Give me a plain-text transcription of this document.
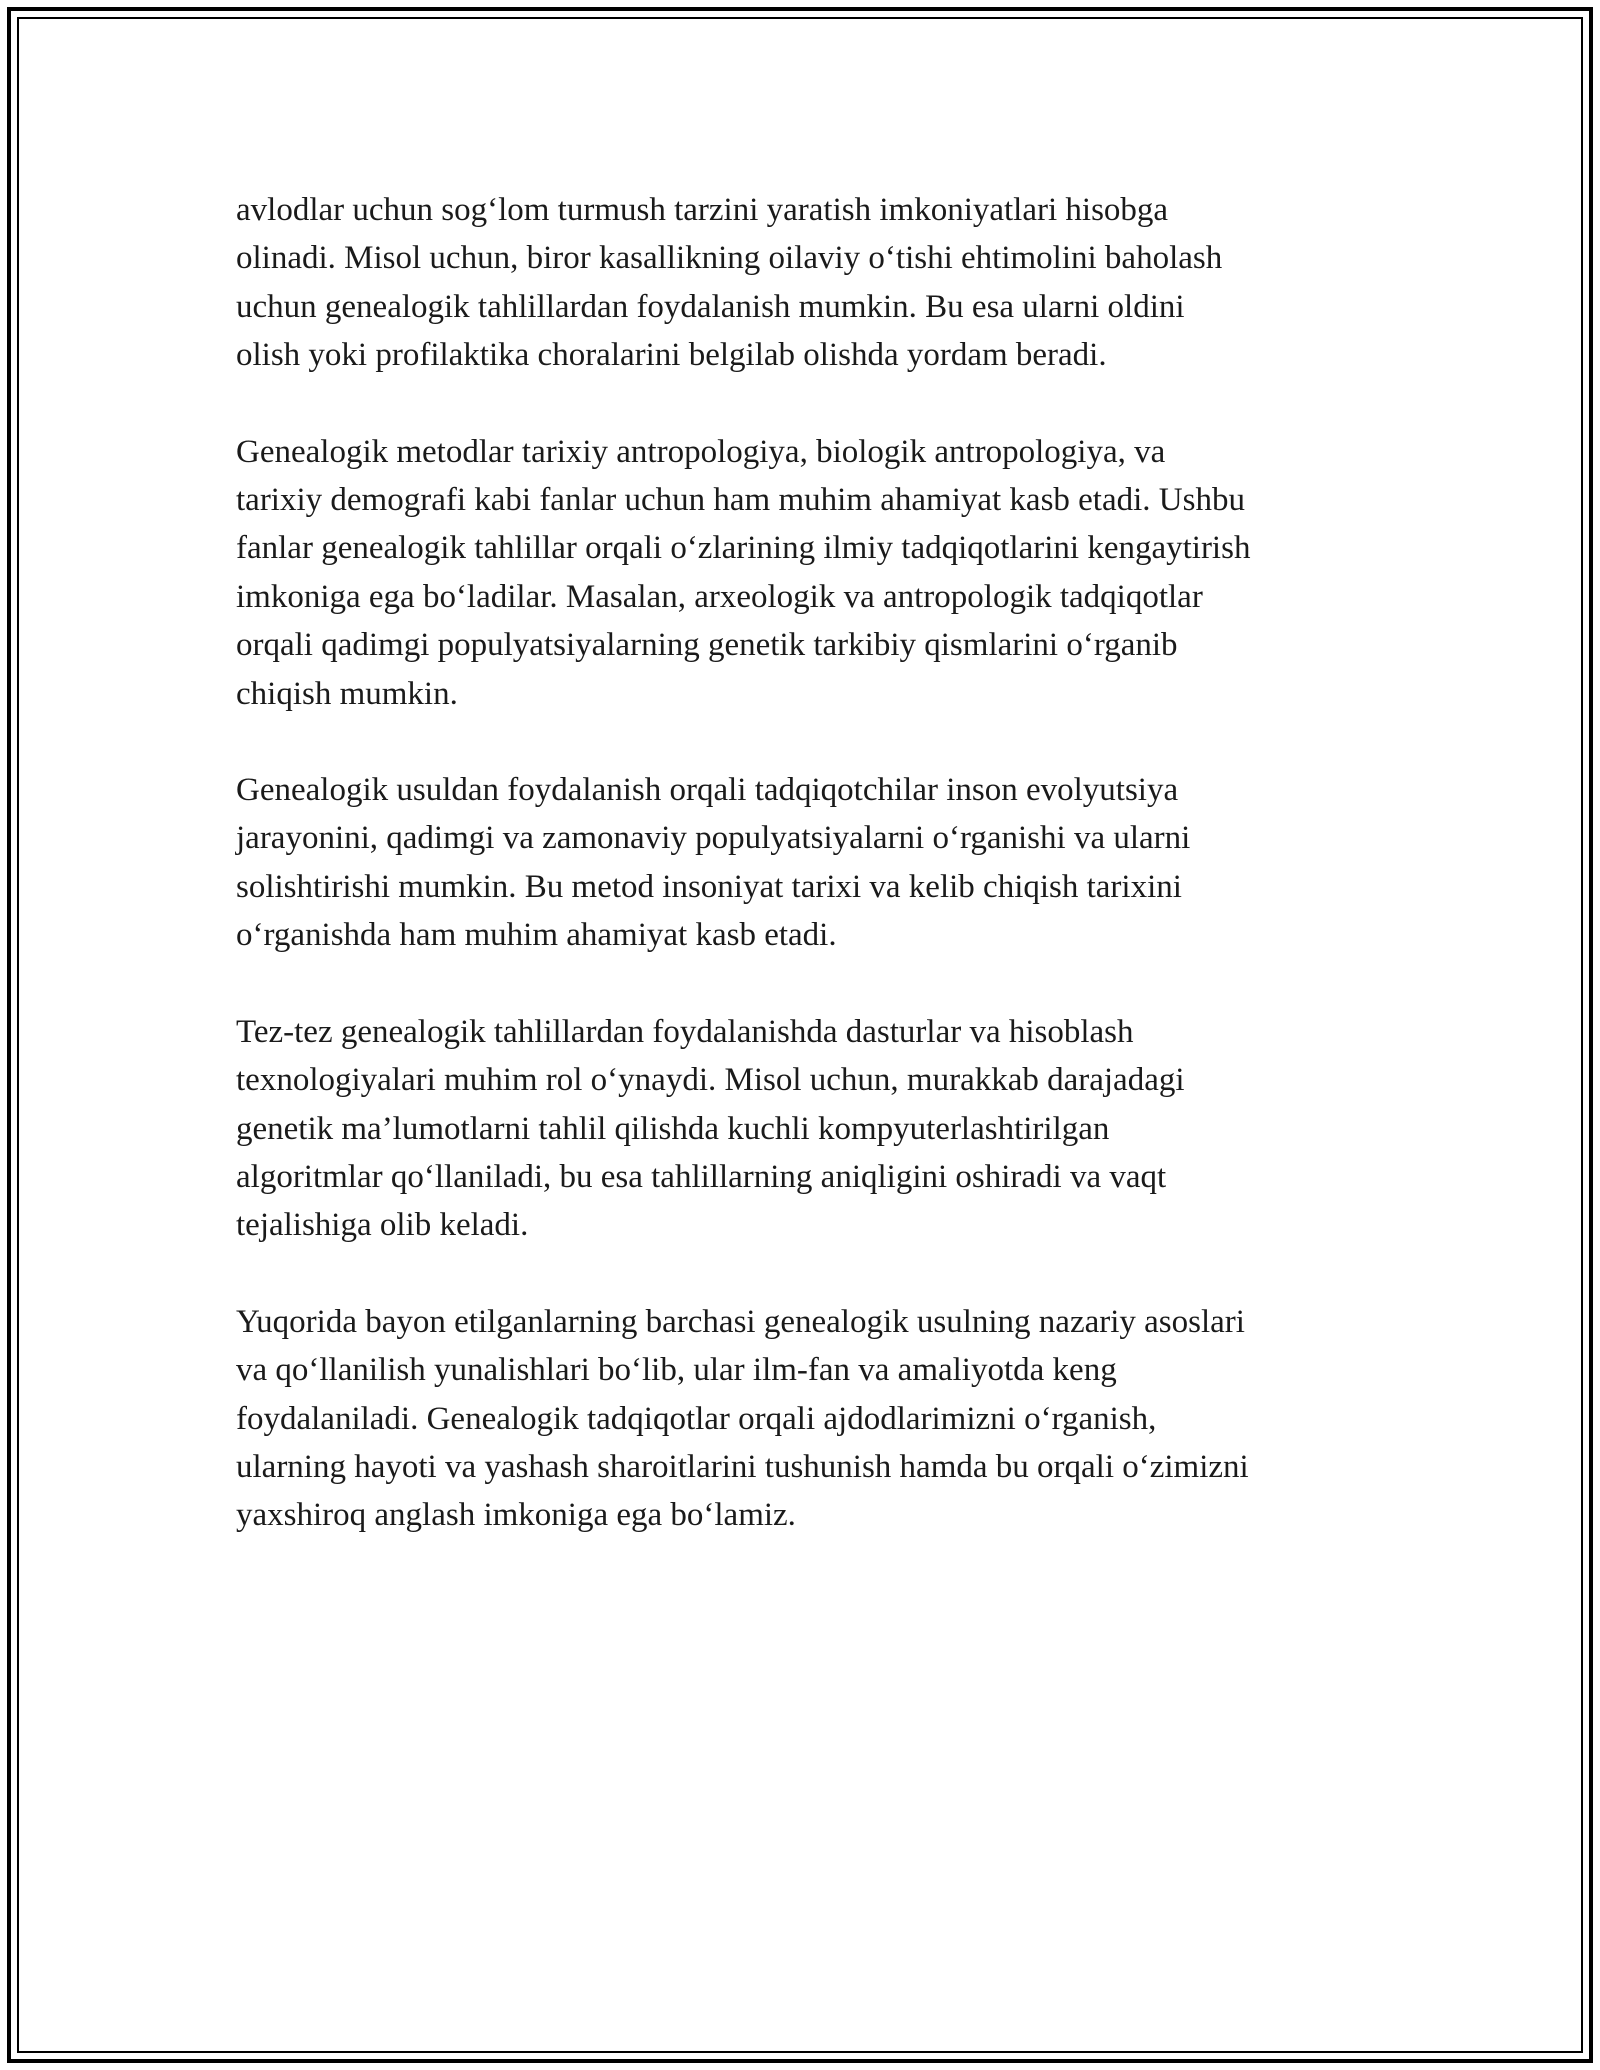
avlodlar uchun sog‘lom turmush tarzini yaratish imkoniyatlari hisobga
olinadi. Misol uchun, biror kasallikning oilaviy o‘tishi ehtimolini baholash
uchun genealogik tahlillardan foydalanish mumkin. Bu esa ularni oldini
olish yoki profilaktika choralarini belgilab olishda yordam beradi.
Genealogik metodlar tarixiy antropologiya, biologik antropologiya, va
tarixiy demografi kabi fanlar uchun ham muhim ahamiyat kasb etadi. Ushbu
fanlar genealogik tahlillar orqali o‘zlarining ilmiy tadqiqotlarini kengaytirish
imkoniga ega bo‘ladilar. Masalan, arxeologik va antropologik tadqiqotlar
orqali qadimgi populyatsiyalarning genetik tarkibiy qismlarini o‘rganib
chiqish mumkin.
Genealogik usuldan foydalanish orqali tadqiqotchilar inson evolyutsiya
jarayonini, qadimgi va zamonaviy populyatsiyalarni o‘rganishi va ularni
solishtirishi mumkin. Bu metod insoniyat tarixi va kelib chiqish tarixini
o‘rganishda ham muhim ahamiyat kasb etadi.
Tez-tez genealogik tahlillardan foydalanishda dasturlar va hisoblash
texnologiyalari muhim rol o‘ynaydi. Misol uchun, murakkab darajadagi
genetik ma’lumotlarni tahlil qilishda kuchli kompyuterlashtirilgan
algoritmlar qo‘llaniladi, bu esa tahlillarning aniqligini oshiradi va vaqt
tejalishiga olib keladi.
Yuqorida bayon etilganlarning barchasi genealogik usulning nazariy asoslari
va qo‘llanilish yunalishlari bo‘lib, ular ilm-fan va amaliyotda keng
foydalaniladi. Genealogik tadqiqotlar orqali ajdodlarimizni o‘rganish,
ularning hayoti va yashash sharoitlarini tushunish hamda bu orqali o‘zimizni
yaxshiroq anglash imkoniga ega bo‘lamiz.
